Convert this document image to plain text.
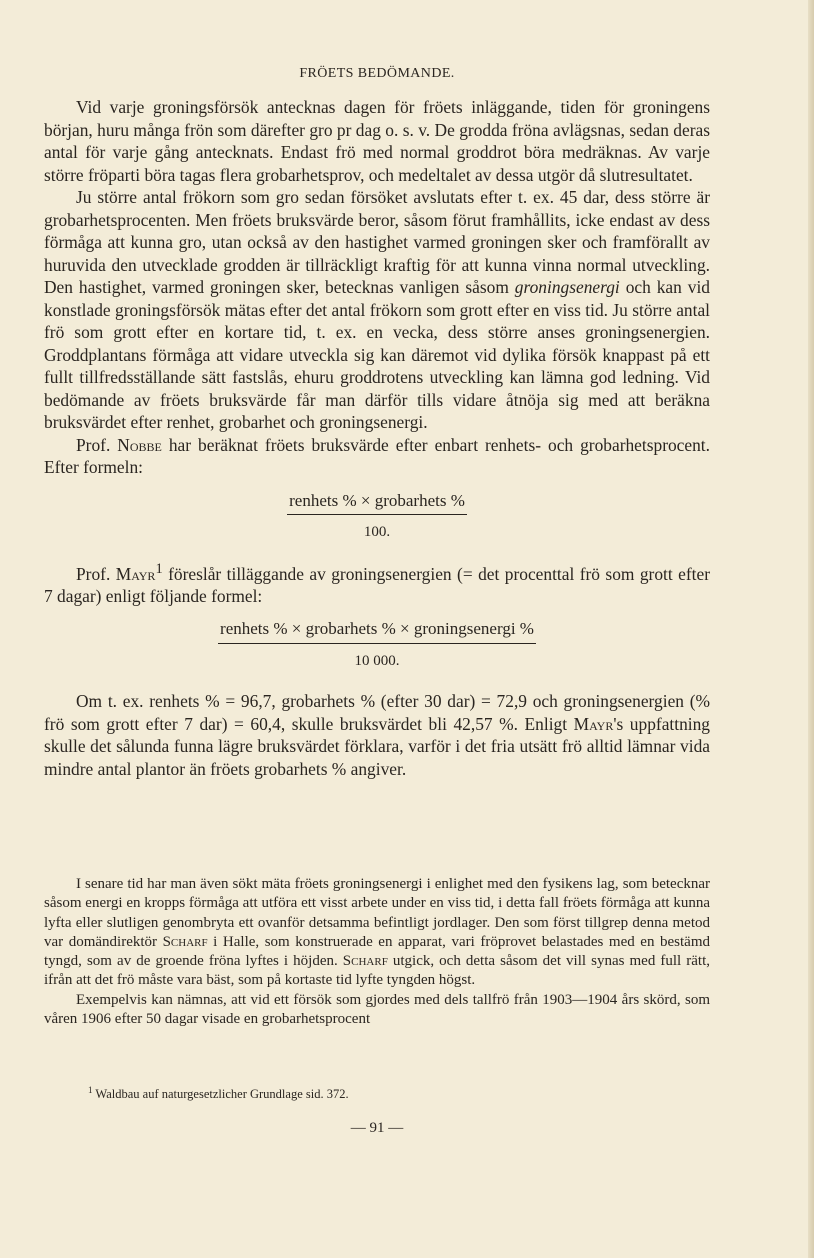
FRÖETS BEDÖMANDE.

Vid varje groningsförsök antecknas dagen för fröets inläggande, tiden för groningens början, huru många frön som därefter gro pr dag o. s. v. De grodda fröna avlägsnas, sedan deras antal för varje gång antecknats. Endast frö med normal groddrot böra medräknas. Av varje större fröparti böra tagas flera grobarhetsprov, och medeltalet av dessa utgör då slutresultatet.

Ju större antal frökorn som gro sedan försöket avslutats efter t. ex. 45 dar, dess större är grobarhetsprocenten. Men fröets bruksvärde beror, såsom förut framhållits, icke endast av dess förmåga att kunna gro, utan också av den hastighet varmed groningen sker och framförallt av huruvida den utvecklade grodden är tillräckligt kraftig för att kunna vinna normal utveckling. Den hastighet, varmed groningen sker, betecknas vanligen såsom groningsenergi och kan vid konstlade groningsförsök mätas efter det antal frökorn som grott efter en viss tid. Ju större antal frö som grott efter en kortare tid, t. ex. en vecka, dess större anses groningsenergien. Groddplantans förmåga att vidare utveckla sig kan däremot vid dylika försök knappast på ett fullt tillfredsställande sätt fastslås, ehuru groddrotens utveckling kan lämna god ledning. Vid bedömande av fröets bruksvärde får man därför tills vidare åtnöja sig med att beräkna bruksvärdet efter renhet, grobarhet och groningsenergi.

Prof. Nobbe har beräknat fröets bruksvärde efter enbart renhets- och grobarhetsprocent. Efter formeln:

renhets % × grobarhets %
100.

Prof. Mayr$^1$ föreslår tilläggande av groningsenergien (= det procenttal frö som grott efter 7 dagar) enligt följande formel:

renhets % × grobarhets % × groningsenergi %
10 000.

Om t. ex. renhets % = 96,7, grobarhets % (efter 30 dar) = 72,9 och groningsenergien (% frö som grott efter 7 dar) = 60,4, skulle bruksvärdet bli 42,57 %. Enligt Mayr's uppfattning skulle det sålunda funna lägre bruksvärdet förklara, varför i det fria utsätt frö alltid lämnar vida mindre antal plantor än fröets grobarhets % angiver.

I senare tid har man även sökt mäta fröets groningsenergi i enlighet med den fysikens lag, som betecknar såsom energi en kropps förmåga att utföra ett visst arbete under en viss tid, i detta fall fröets förmåga att kunna lyfta eller slutligen genombryta ett ovanför detsamma befintligt jordlager. Den som först tillgrep denna metod var domändirektör Scharf i Halle, som konstruerade en apparat, vari fröprovet belastades med en bestämd tyngd, som av de groende fröna lyftes i höjden. Scharf utgick, och detta såsom det vill synas med full rätt, ifrån att det frö måste vara bäst, som på kortaste tid lyfte tyngden högst.

Exempelvis kan nämnas, att vid ett försök som gjordes med dels tallfrö från 1903—1904 års skörd, som våren 1906 efter 50 dagar visade en grobarhetsprocent

$^1$ Waldbau auf naturgesetzlicher Grundlage sid. 372.
— 91 —
